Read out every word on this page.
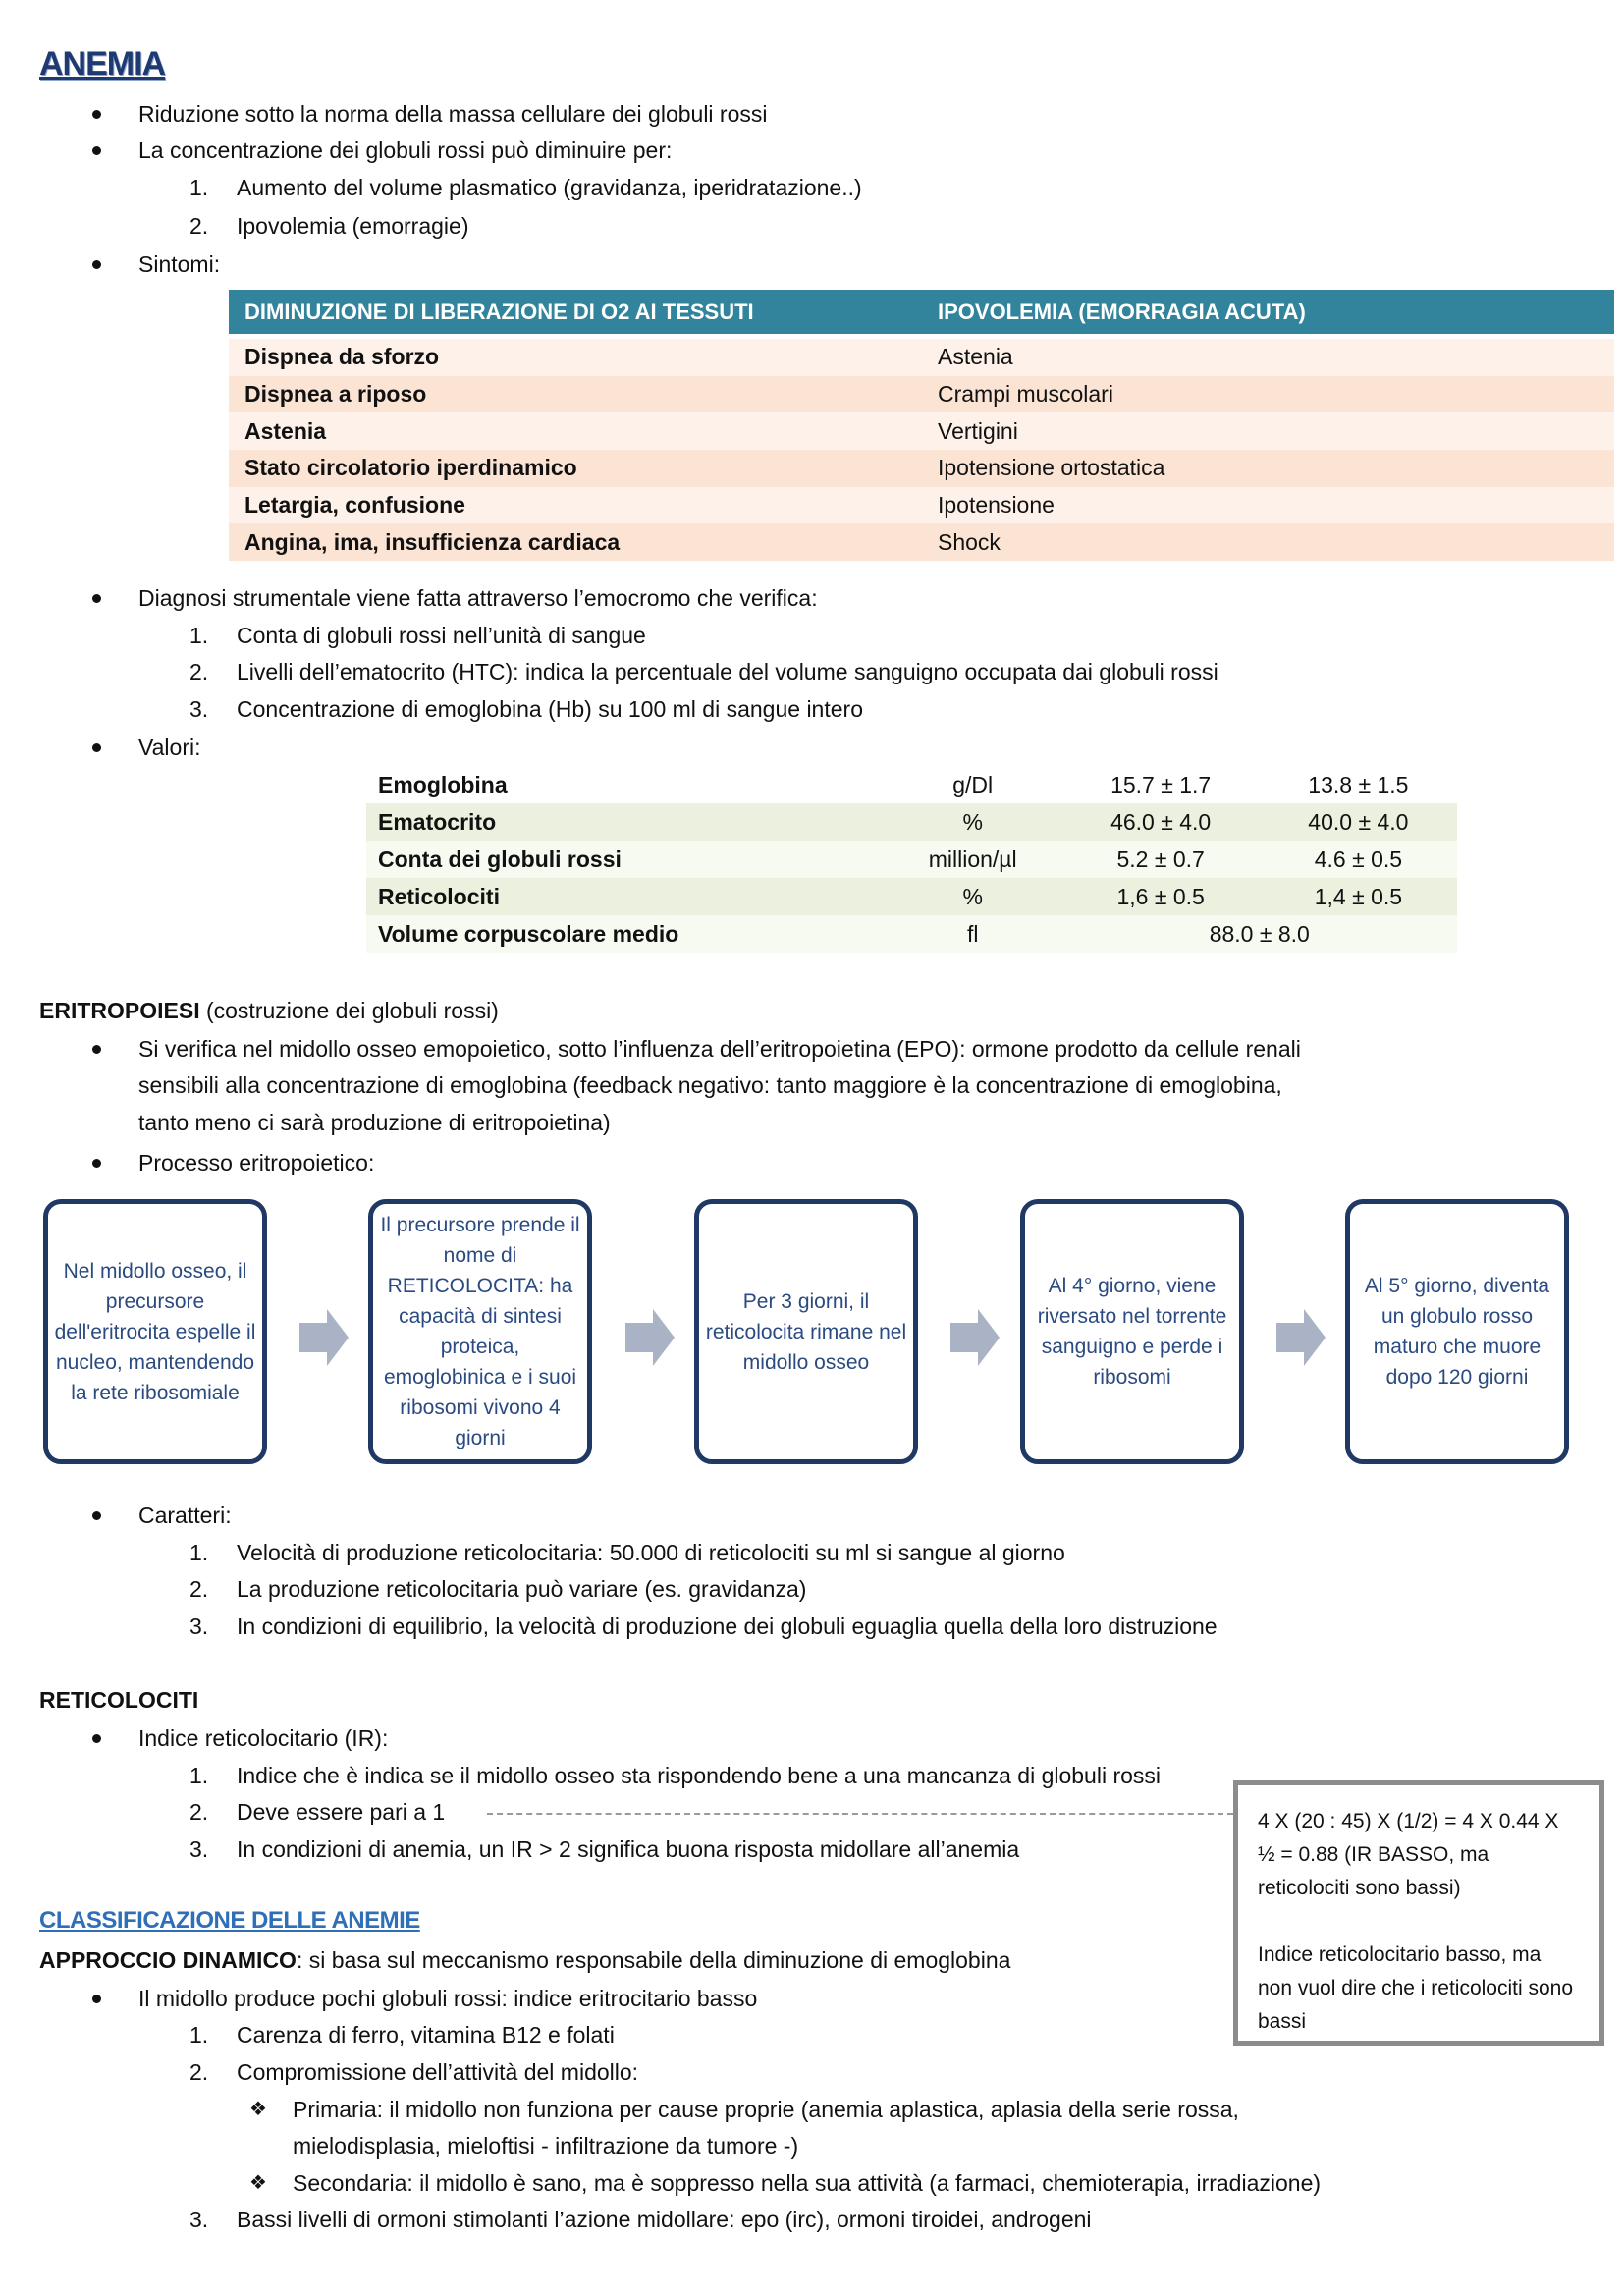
ANEMIA
Riduzione sotto la norma della massa cellulare dei globuli rossi
La concentrazione dei globuli rossi può diminuire per:
1. Aumento del volume plasmatico (gravidanza, iperidratazione..)
2. Ipovolemia (emorragie)
Sintomi:
DIMINUZIONE DI LIBERAZIONE DI O2 AI TESSUTI	IPOVOLEMIA (EMORRAGIA ACUTA)
Dispnea da sforzo	Astenia
Dispnea a riposo	Crampi muscolari
Astenia	Vertigini
Stato circolatorio iperdinamico	Ipotensione ortostatica
Letargia, confusione	Ipotensione
Angina, ima, insufficienza cardiaca	Shock
Diagnosi strumentale viene fatta attraverso l’emocromo che verifica:
1. Conta di globuli rossi nell’unità di sangue
2. Livelli dell’ematocrito (HTC): indica la percentuale del volume sanguigno occupata dai globuli rossi
3. Concentrazione di emoglobina (Hb) su 100 ml di sangue intero
Valori:
Emoglobina	g/Dl	15.7 ± 1.7	13.8 ± 1.5
Ematocrito	%	46.0 ± 4.0	40.0 ± 4.0
Conta dei globuli rossi	million/µl	5.2 ± 0.7	4.6 ± 0.5
Reticolociti	%	1,6 ± 0.5	1,4 ± 0.5
Volume corpuscolare medio	fl	88.0 ± 8.0	
ERITROPOIESI (costruzione dei globuli rossi)
Si verifica nel midollo osseo emopoietico, sotto l’influenza dell’eritropoietina (EPO): ormone prodotto da cellule renali
sensibili alla concentrazione di emoglobina (feedback negativo: tanto maggiore è la concentrazione di emoglobina,
tanto meno ci sarà produzione di eritropoietina)
Processo eritropoietico:
Nel midollo osseo, il precursore dell'eritrocita espelle il nucleo, mantendendo la rete ribosomiale
Il precursore prende il nome di RETICOLOCITA: ha capacità di sintesi proteica, emoglobinica e i suoi ribosomi vivono 4 giorni
Per 3 giorni, il reticolocita rimane nel midollo osseo
Al 4° giorno, viene riversato nel torrente sanguigno e perde i ribosomi
Al 5° giorno, diventa un globulo rosso maturo che muore dopo 120 giorni
Caratteri:
1. Velocità di produzione reticolocitaria: 50.000 di reticolociti su ml si sangue al giorno
2. La produzione reticolocitaria può variare (es. gravidanza)
3. In condizioni di equilibrio, la velocità di produzione dei globuli eguaglia quella della loro distruzione
RETICOLOCITI
Indice reticolocitario (IR):
1. Indice che è indica se il midollo osseo sta rispondendo bene a una mancanza di globuli rossi
2. Deve essere pari a 1
3. In condizioni di anemia, un IR > 2 significa buona risposta midollare all’anemia

4 X (20 : 45) X (1/2) = 4 X 0.44 X ½ = 0.88 (IR BASSO, ma reticolociti sono bassi)

Indice reticolocitario basso, ma non vuol dire che i reticolociti sono bassi

CLASSIFICAZIONE DELLE ANEMIE
APPROCCIO DINAMICO: si basa sul meccanismo responsabile della diminuzione di emoglobina
Il midollo produce pochi globuli rossi: indice eritrocitario basso
1. Carenza di ferro, vitamina B12 e folati
2. Compromissione dell’attività del midollo:
❖ Primaria: il midollo non funziona per cause proprie (anemia aplastica, aplasia della serie rossa,
mielodisplasia, mieloftisi - infiltrazione da tumore -)
❖ Secondaria: il midollo è sano, ma è soppresso nella sua attività (a farmaci, chemioterapia, irradiazione)
3. Bassi livelli di ormoni stimolanti l’azione midollare: epo (irc), ormoni tiroidei, androgeni
